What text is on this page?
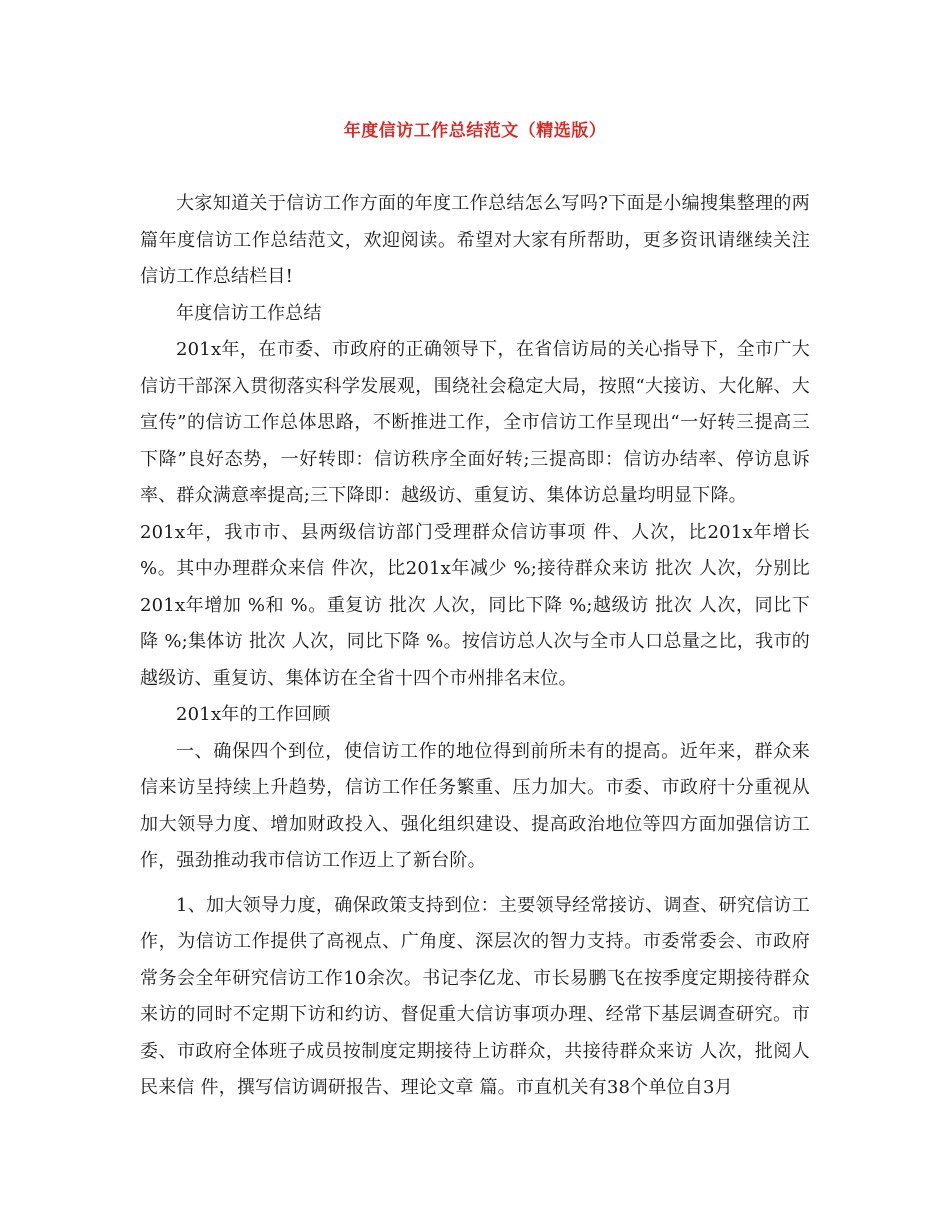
年度信访工作总结范文（精选版）

大家知道关于信访工作方面的年度工作总结怎么写吗?下面是小编搜集整理的两篇年度信访工作总结范文，欢迎阅读。希望对大家有所帮助，更多资讯请继续关注信访工作总结栏目!

年度信访工作总结

201x年，在市委、市政府的正确领导下，在省信访局的关心指导下，全市广大信访干部深入贯彻落实科学发展观，围绕社会稳定大局，按照“大接访、大化解、大宣传”的信访工作总体思路，不断推进工作，全市信访工作呈现出“一好转三提高三下降”良好态势，一好转即：信访秩序全面好转;三提高即：信访办结率、停访息诉率、群众满意率提高;三下降即：越级访、重复访、集体访总量均明显下降。

201x年，我市市、县两级信访部门受理群众信访事项 件、人次，比201x年增长 %。其中办理群众来信 件次，比201x年减少 %;接待群众来访 批次 人次，分别比201x年增加 %和 %。重复访 批次 人次，同比下降 %;越级访 批次 人次，同比下降 %;集体访 批次 人次，同比下降 %。按信访总人次与全市人口总量之比，我市的越级访、重复访、集体访在全省十四个市州排名末位。

201x年的工作回顾

一、确保四个到位，使信访工作的地位得到前所未有的提高。近年来，群众来信来访呈持续上升趋势，信访工作任务繁重、压力加大。市委、市政府十分重视从加大领导力度、增加财政投入、强化组织建设、提高政治地位等四方面加强信访工作，强劲推动我市信访工作迈上了新台阶。

1、加大领导力度，确保政策支持到位：主要领导经常接访、调查、研究信访工作，为信访工作提供了高视点、广角度、深层次的智力支持。市委常委会、市政府常务会全年研究信访工作10余次。书记李亿龙、市长易鹏飞在按季度定期接待群众来访的同时不定期下访和约访、督促重大信访事项办理、经常下基层调查研究。市委、市政府全体班子成员按制度定期接待上访群众，共接待群众来访 人次，批阅人民来信 件，撰写信访调研报告、理论文章 篇。市直机关有38个单位自3月
